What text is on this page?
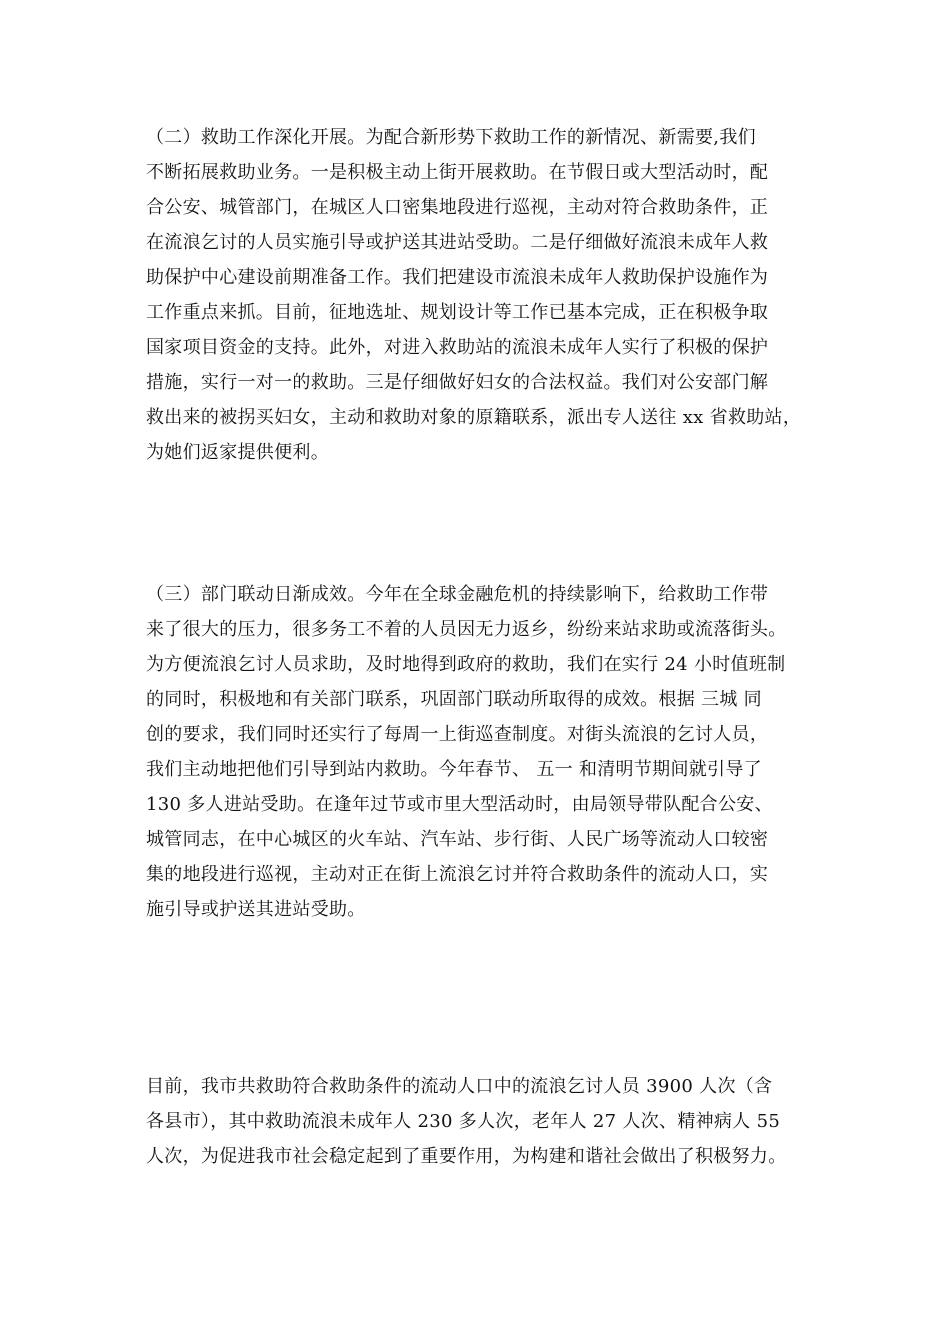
（二）救助工作深化开展。为配合新形势下救助工作的新情况、新需要,我们
不断拓展救助业务。一是积极主动上街开展救助。在节假日或大型活动时，配
合公安、城管部门，在城区人口密集地段进行巡视，主动对符合救助条件，正
在流浪乞讨的人员实施引导或护送其进站受助。二是仔细做好流浪未成年人救
助保护中心建设前期准备工作。我们把建设市流浪未成年人救助保护设施作为
工作重点来抓。目前，征地选址、规划设计等工作已基本完成，正在积极争取
国家项目资金的支持。此外，对进入救助站的流浪未成年人实行了积极的保护
措施，实行一对一的救助。三是仔细做好妇女的合法权益。我们对公安部门解
救出来的被拐买妇女，主动和救助对象的原籍联系，派出专人送往 xx 省救助站，
为她们返家提供便利。
（三）部门联动日渐成效。今年在全球金融危机的持续影响下，给救助工作带
来了很大的压力，很多务工不着的人员因无力返乡，纷纷来站求助或流落街头。
为方便流浪乞讨人员求助，及时地得到政府的救助，我们在实行 24 小时值班制
的同时，积极地和有关部门联系，巩固部门联动所取得的成效。根据 三城 同
创的要求，我们同时还实行了每周一上街巡查制度。对街头流浪的乞讨人员，
我们主动地把他们引导到站内救助。今年春节、 五一 和清明节期间就引导了
130 多人进站受助。在逢年过节或市里大型活动时，由局领导带队配合公安、
城管同志，在中心城区的火车站、汽车站、步行街、人民广场等流动人口较密
集的地段进行巡视，主动对正在街上流浪乞讨并符合救助条件的流动人口，实
施引导或护送其进站受助。
目前，我市共救助符合救助条件的流动人口中的流浪乞讨人员 3900 人次（含
各县市），其中救助流浪未成年人 230 多人次，老年人 27 人次、精神病人 55
人次，为促进我市社会稳定起到了重要作用，为构建和谐社会做出了积极努力。
